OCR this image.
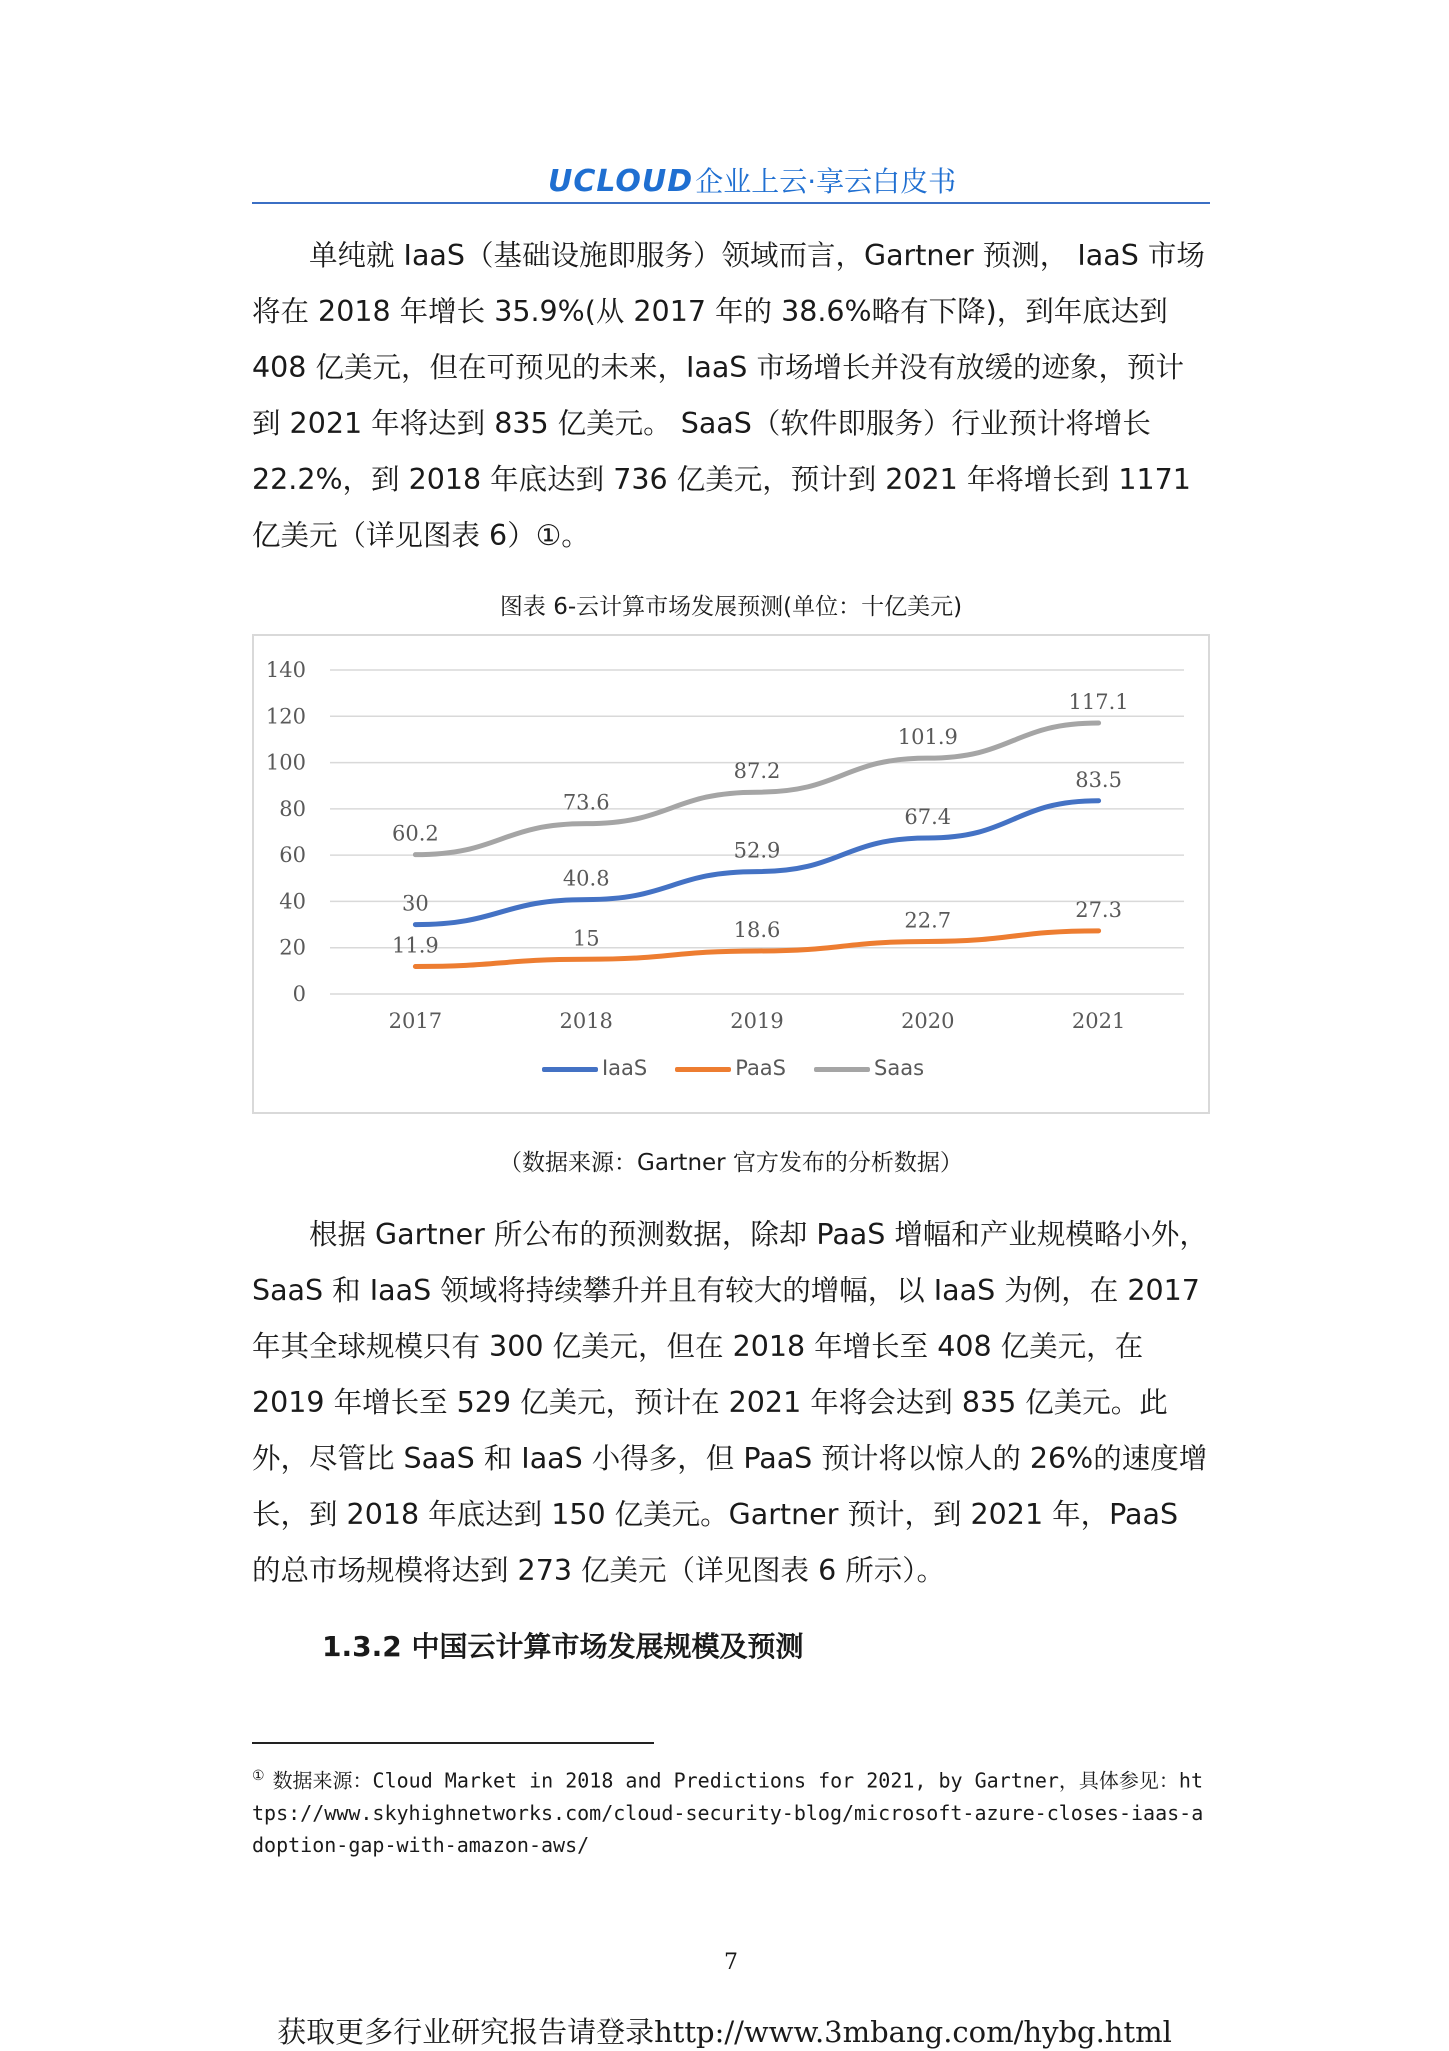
UCLOUD企业上云·享云白皮书

单纯就 IaaS（基础设施即服务）领域而言，Gartner 预测， IaaS 市场将在 2018 年增长 35.9%(从 2017 年的 38.6%略有下降)，到年底达到 408 亿美元，但在可预见的未来，IaaS 市场增长并没有放缓的迹象，预计到 2021 年将达到 835 亿美元。 SaaS（软件即服务）行业预计将增长 22.2%，到 2018 年底达到 736 亿美元，预计到 2021 年将增长到 1171 亿美元（详见图表 6）①。

图表 6-云计算市场发展预测(单位：十亿美元)
0
20
40
60
80
100
120
140
2017	2018	2019	2020	2021
30
40.8
52.9
67.4
83.5
11.9	15	18.6	22.7	27.3
60.2
73.6
87.2
101.9
117.1
IaaS	PaaS	Saas
（数据来源：Gartner 官方发布的分析数据）

根据 Gartner 所公布的预测数据，除却 PaaS 增幅和产业规模略小外，SaaS 和 IaaS 领域将持续攀升并且有较大的增幅，以 IaaS 为例，在 2017 年其全球规模只有 300 亿美元，但在 2018 年增长至 408 亿美元，在 2019 年增长至 529 亿美元，预计在 2021 年将会达到 835 亿美元。此外，尽管比 SaaS 和 IaaS 小得多，但 PaaS 预计将以惊人的 26%的速度增长，到 2018 年底达到 150 亿美元。Gartner 预计，到 2021 年，PaaS 的总市场规模将达到 273 亿美元（详见图表 6 所示）。

1.3.2 中国云计算市场发展规模及预测

① 数据来源：Cloud Market in 2018 and Predictions for 2021, by Gartner，具体参见：https://www.skyhighnetworks.com/cloud-security-blog/microsoft-azure-closes-iaas-adoption-gap-with-amazon-aws/

7
获取更多行业研究报告请登录http://www.3mbang.com/hybg.html
